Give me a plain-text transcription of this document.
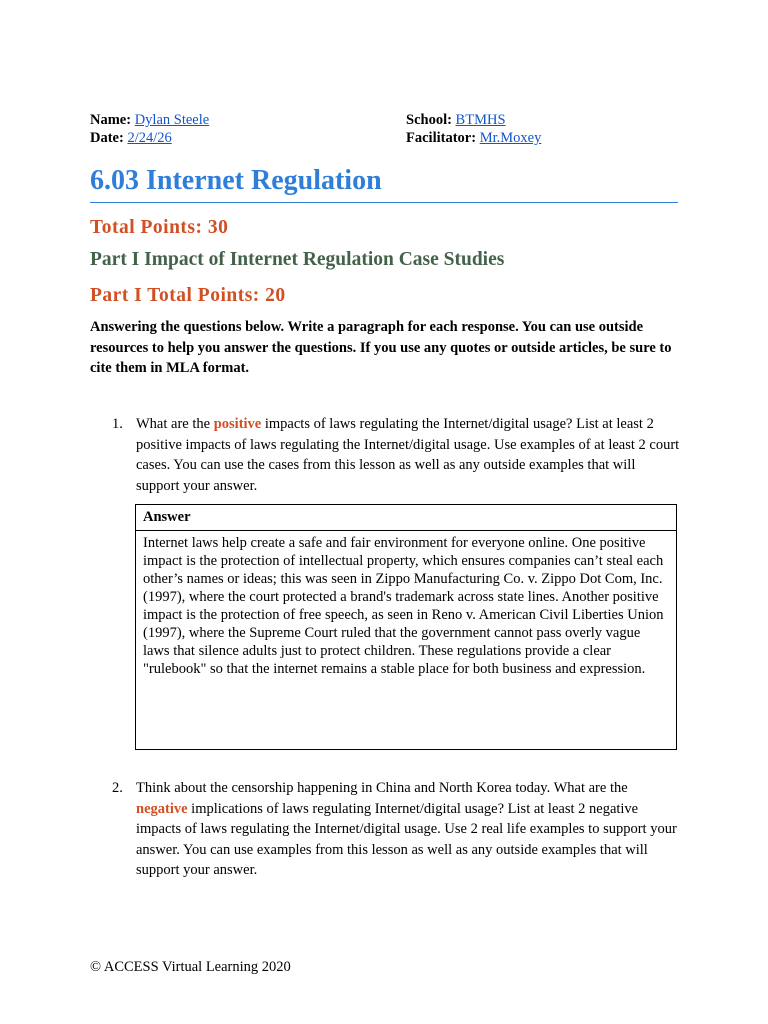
Name: Dylan Steele
Date: 2/24/26
School: BTMHS
Facilitator: Mr.Moxey
6.03 Internet Regulation
Total Points: 30
Part I Impact of Internet Regulation Case Studies
Part I Total Points: 20
Answering the questions below. Write a paragraph for each response. You can use outside resources to help you answer the questions. If you use any quotes or outside articles, be sure to cite them in MLA format.
1. What are the positive impacts of laws regulating the Internet/digital usage? List at least 2 positive impacts of laws regulating the Internet/digital usage. Use examples of at least 2 court cases. You can use the cases from this lesson as well as any outside examples that will support your answer.
Answer
Internet laws help create a safe and fair environment for everyone online. One positive impact is the protection of intellectual property, which ensures companies can’t steal each other’s names or ideas; this was seen in Zippo Manufacturing Co. v. Zippo Dot Com, Inc. (1997), where the court protected a brand's trademark across state lines. Another positive impact is the protection of free speech, as seen in Reno v. American Civil Liberties Union (1997), where the Supreme Court ruled that the government cannot pass overly vague laws that silence adults just to protect children. These regulations provide a clear "rulebook" so that the internet remains a stable place for both business and expression.
2. Think about the censorship happening in China and North Korea today. What are the negative implications of laws regulating Internet/digital usage? List at least 2 negative impacts of laws regulating the Internet/digital usage. Use 2 real life examples to support your answer. You can use examples from this lesson as well as any outside examples that will support your answer.
© ACCESS Virtual Learning 2020
